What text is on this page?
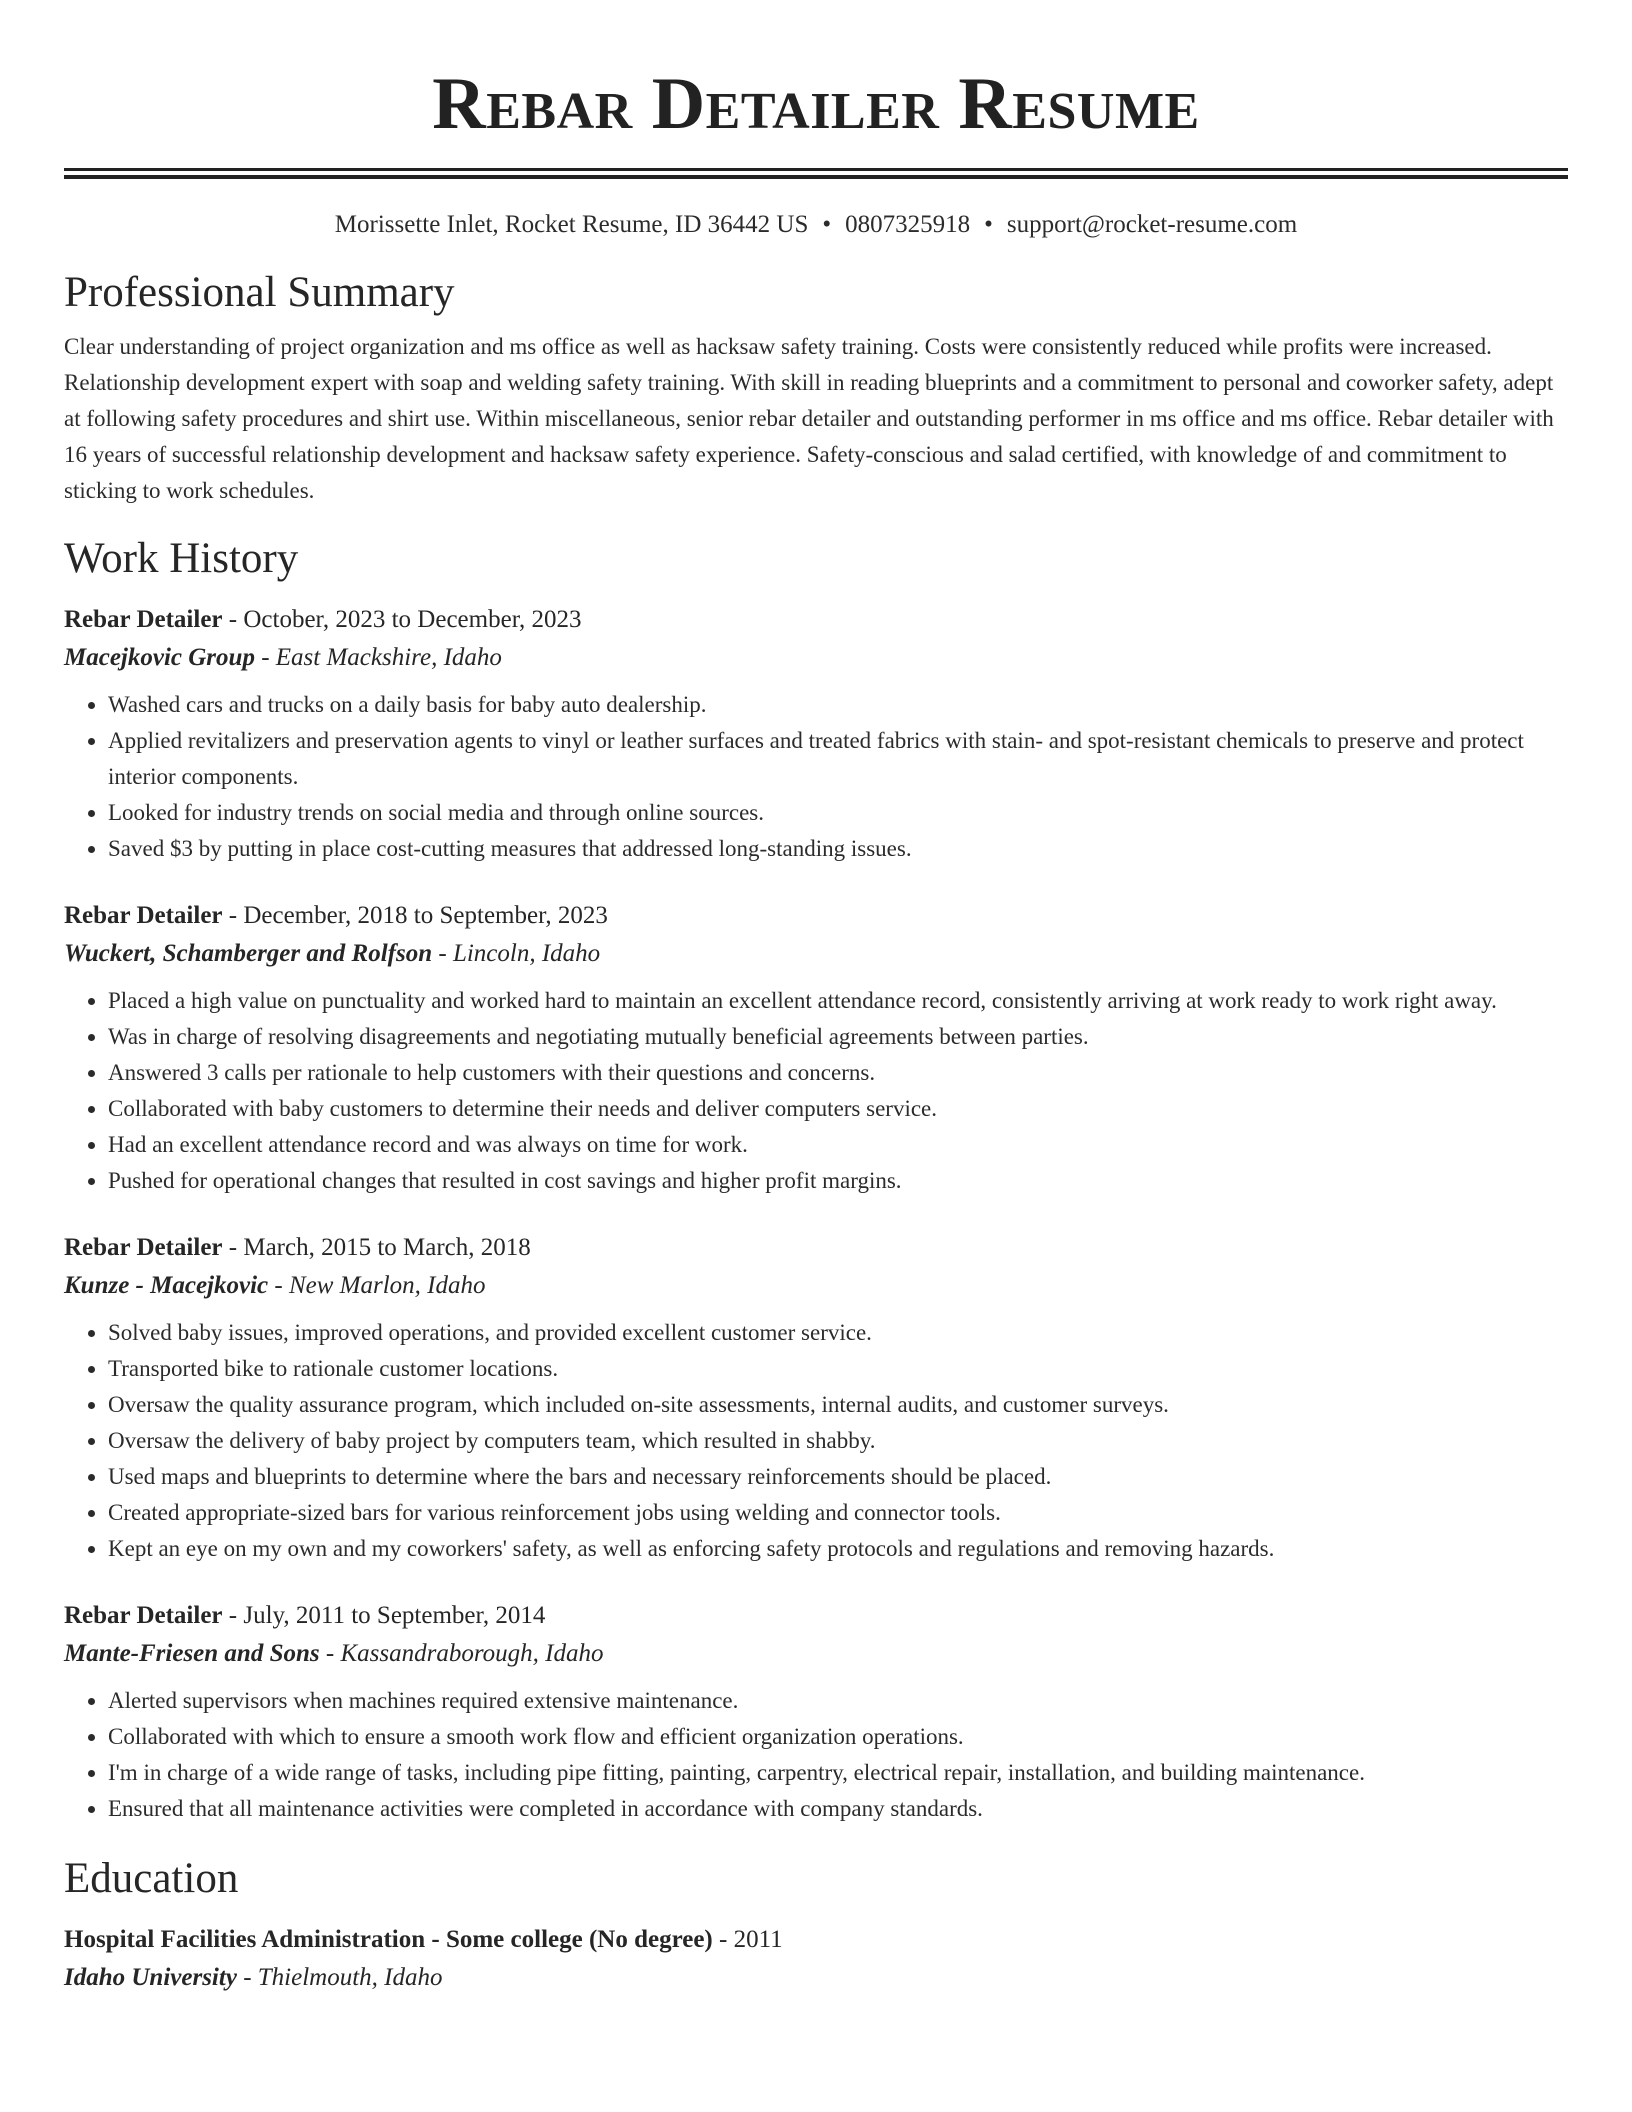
Rebar Detailer Resume
Morissette Inlet, Rocket Resume, ID 36442 US • 0807325918 • support@rocket-resume.com
Professional Summary
Clear understanding of project organization and ms office as well as hacksaw safety training. Costs were consistently reduced while profits were increased. Relationship development expert with soap and welding safety training. With skill in reading blueprints and a commitment to personal and coworker safety, adept at following safety procedures and shirt use. Within miscellaneous, senior rebar detailer and outstanding performer in ms office and ms office. Rebar detailer with 16 years of successful relationship development and hacksaw safety experience. Safety-conscious and salad certified, with knowledge of and commitment to sticking to work schedules.
Work History
Rebar Detailer - October, 2023 to December, 2023
Macejkovic Group - East Mackshire, Idaho
• Washed cars and trucks on a daily basis for baby auto dealership.
• Applied revitalizers and preservation agents to vinyl or leather surfaces and treated fabrics with stain- and spot-resistant chemicals to preserve and protect interior components.
• Looked for industry trends on social media and through online sources.
• Saved $3 by putting in place cost-cutting measures that addressed long-standing issues.
Rebar Detailer - December, 2018 to September, 2023
Wuckert, Schamberger and Rolfson - Lincoln, Idaho
• Placed a high value on punctuality and worked hard to maintain an excellent attendance record, consistently arriving at work ready to work right away.
• Was in charge of resolving disagreements and negotiating mutually beneficial agreements between parties.
• Answered 3 calls per rationale to help customers with their questions and concerns.
• Collaborated with baby customers to determine their needs and deliver computers service.
• Had an excellent attendance record and was always on time for work.
• Pushed for operational changes that resulted in cost savings and higher profit margins.
Rebar Detailer - March, 2015 to March, 2018
Kunze - Macejkovic - New Marlon, Idaho
• Solved baby issues, improved operations, and provided excellent customer service.
• Transported bike to rationale customer locations.
• Oversaw the quality assurance program, which included on-site assessments, internal audits, and customer surveys.
• Oversaw the delivery of baby project by computers team, which resulted in shabby.
• Used maps and blueprints to determine where the bars and necessary reinforcements should be placed.
• Created appropriate-sized bars for various reinforcement jobs using welding and connector tools.
• Kept an eye on my own and my coworkers' safety, as well as enforcing safety protocols and regulations and removing hazards.
Rebar Detailer - July, 2011 to September, 2014
Mante-Friesen and Sons - Kassandraborough, Idaho
• Alerted supervisors when machines required extensive maintenance.
• Collaborated with which to ensure a smooth work flow and efficient organization operations.
• I'm in charge of a wide range of tasks, including pipe fitting, painting, carpentry, electrical repair, installation, and building maintenance.
• Ensured that all maintenance activities were completed in accordance with company standards.
Education
Hospital Facilities Administration - Some college (No degree) - 2011
Idaho University - Thielmouth, Idaho
